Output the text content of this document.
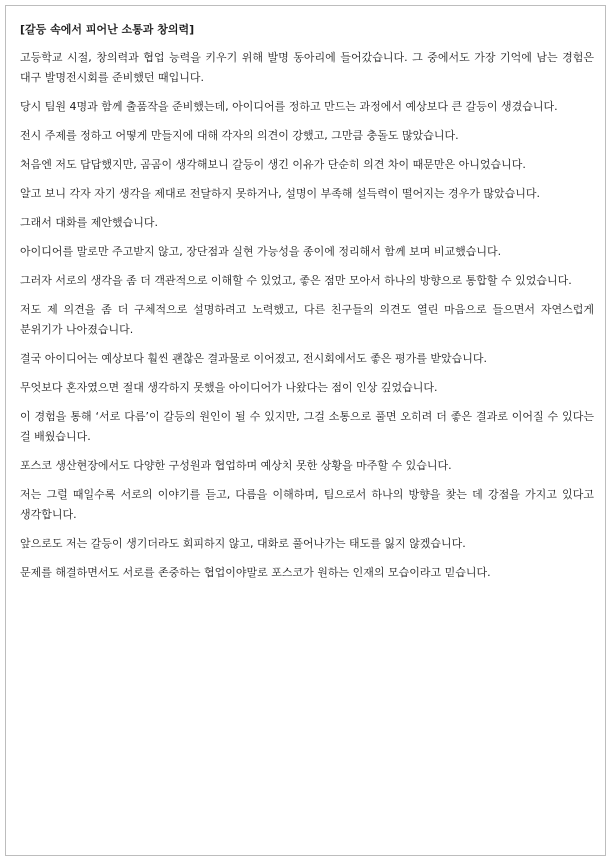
[갈등 속에서 피어난 소통과 창의력]

고등학교 시절, 창의력과 협업 능력을 키우기 위해 발명 동아리에 들어갔습니다. 그 중에서도 가장 기억에 남는 경험은 대구 발명전시회를 준비했던 때입니다.

당시 팀원 4명과 함께 출품작을 준비했는데, 아이디어를 정하고 만드는 과정에서 예상보다 큰 갈등이 생겼습니다.

전시 주제를 정하고 어떻게 만들지에 대해 각자의 의견이 강했고, 그만큼 충돌도 많았습니다.

처음엔 저도 답답했지만, 곰곰이 생각해보니 갈등이 생긴 이유가 단순히 의견 차이 때문만은 아니었습니다.

알고 보니 각자 자기 생각을 제대로 전달하지 못하거나, 설명이 부족해 설득력이 떨어지는 경우가 많았습니다.

그래서 대화를 제안했습니다.

아이디어를 말로만 주고받지 않고, 장단점과 실현 가능성을 종이에 정리해서 함께 보며 비교했습니다.

그러자 서로의 생각을 좀 더 객관적으로 이해할 수 있었고, 좋은 점만 모아서 하나의 방향으로 통합할 수 있었습니다.

저도 제 의견을 좀 더 구체적으로 설명하려고 노력했고, 다른 친구들의 의견도 열린 마음으로 들으면서 자연스럽게 분위기가 나아졌습니다.

결국 아이디어는 예상보다 훨씬 괜찮은 결과물로 이어졌고, 전시회에서도 좋은 평가를 받았습니다.

무엇보다 혼자였으면 절대 생각하지 못했을 아이디어가 나왔다는 점이 인상 깊었습니다.

이 경험을 통해 ‘서로 다름’이 갈등의 원인이 될 수 있지만, 그걸 소통으로 풀면 오히려 더 좋은 결과로 이어질 수 있다는 걸 배웠습니다.

포스코 생산현장에서도 다양한 구성원과 협업하며 예상치 못한 상황을 마주할 수 있습니다.

저는 그럴 때일수록 서로의 이야기를 듣고, 다름을 이해하며, 팀으로서 하나의 방향을 찾는 데 강점을 가지고 있다고 생각합니다.

앞으로도 저는 갈등이 생기더라도 회피하지 않고, 대화로 풀어나가는 태도를 잃지 않겠습니다.

문제를 해결하면서도 서로를 존중하는 협업이야말로 포스코가 원하는 인재의 모습이라고 믿습니다.
